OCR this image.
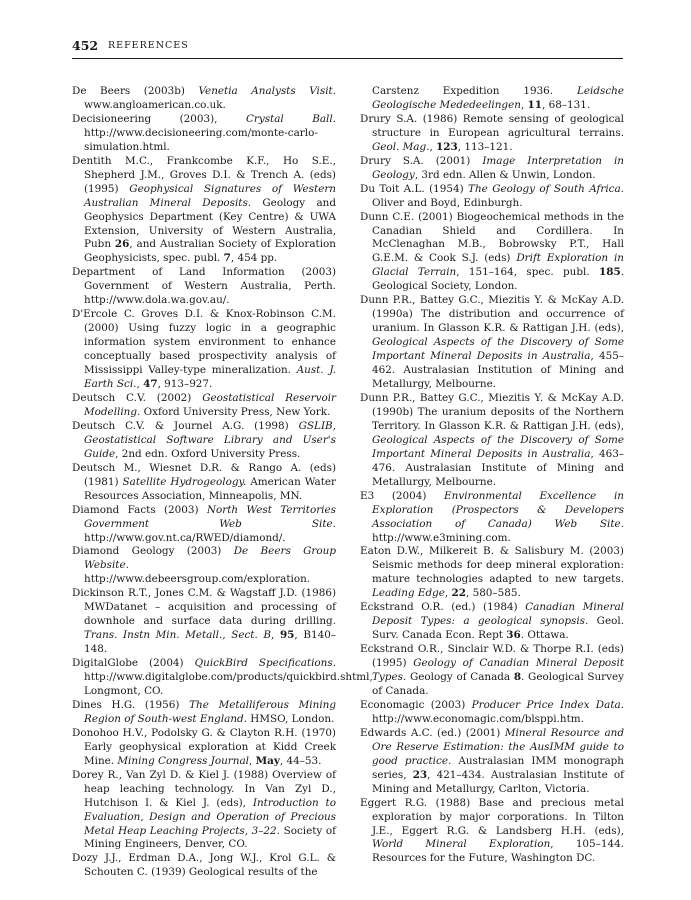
452 REFERENCES
De Beers (2003b) Venetia Analysts Visit. www.angloamerican.co.uk.
Decisioneering (2003), Crystal Ball. http://www.decisioneering.com/monte-carlo-simulation.html.
Dentith M.C., Frankcombe K.F., Ho S.E., Shepherd J.M., Groves D.I. & Trench A. (eds) (1995) Geophysical Signatures of Western Australian Mineral Deposits. Geology and Geophysics Department (Key Centre) & UWA Extension, University of Western Australia, Pubn 26, and Australian Society of Exploration Geophysicists, spec. publ. 7, 454 pp.
Department of Land Information (2003) Government of Western Australia, Perth. http://www.dola.wa.gov.au/.
D'Ercole C. Groves D.I. & Knox-Robinson C.M. (2000) Using fuzzy logic in a geographic information system environment to enhance conceptually based prospectivity analysis of Mississippi Valley-type mineralization. Aust. J. Earth Sci., 47, 913–927.
Deutsch C.V. (2002) Geostatistical Reservoir Modelling. Oxford University Press, New York.
Deutsch C.V. & Journel A.G. (1998) GSLIB, Geostatistical Software Library and User's Guide, 2nd edn. Oxford University Press.
Deutsch M., Wiesnet D.R. & Rango A. (eds) (1981) Satellite Hydrogeology. American Water Resources Association, Minneapolis, MN.
Diamond Facts (2003) North West Territories Government Web Site. http://www.gov.nt.ca/RWED/diamond/.
Diamond Geology (2003) De Beers Group Website. http://www.debeersgroup.com/exploration.
Dickinson R.T., Jones C.M. & Wagstaff J.D. (1986) MWDatanet – acquisition and processing of downhole and surface data during drilling. Trans. Instn Min. Metall., Sect. B, 95, B140–148.
DigitalGlobe (2004) QuickBird Specifications. http://www.digitalglobe.com/products/quickbird.shtml, Longmont, CO.
Dines H.G. (1956) The Metalliferous Mining Region of South-west England. HMSO, London.
Donohoo H.V., Podolsky G. & Clayton R.H. (1970) Early geophysical exploration at Kidd Creek Mine. Mining Congress Journal, May, 44–53.
Dorey R., Van Zyl D. & Kiel J. (1988) Overview of heap leaching technology. In Van Zyl D., Hutchison I. & Kiel J. (eds), Introduction to Evaluation, Design and Operation of Precious Metal Heap Leaching Projects, 3–22. Society of Mining Engineers, Denver, CO.
Dozy J.J., Erdman D.A., Jong W.J., Krol G.L. & Schouten C. (1939) Geological results of the
Carstenz Expedition 1936. Leidsche Geologische Mededeelingen, 11, 68–131.
Drury S.A. (1986) Remote sensing of geological structure in European agricultural terrains. Geol. Mag., 123, 113–121.
Drury S.A. (2001) Image Interpretation in Geology, 3rd edn. Allen & Unwin, London.
Du Toit A.L. (1954) The Geology of South Africa. Oliver and Boyd, Edinburgh.
Dunn C.E. (2001) Biogeochemical methods in the Canadian Shield and Cordillera. In McClenaghan M.B., Bobrowsky P.T., Hall G.E.M. & Cook S.J. (eds) Drift Exploration in Glacial Terrain, 151–164, spec. publ. 185. Geological Society, London.
Dunn P.R., Battey G.C., Miezitis Y. & McKay A.D. (1990a) The distribution and occurrence of uranium. In Glasson K.R. & Rattigan J.H. (eds), Geological Aspects of the Discovery of Some Important Mineral Deposits in Australia, 455–462. Australasian Institution of Mining and Metallurgy, Melbourne.
Dunn P.R., Battey G.C., Miezitis Y. & McKay A.D. (1990b) The uranium deposits of the Northern Territory. In Glasson K.R. & Rattigan J.H. (eds), Geological Aspects of the Discovery of Some Important Mineral Deposits in Australia, 463–476. Australasian Institute of Mining and Metallurgy, Melbourne.
E3 (2004) Environmental Excellence in Exploration (Prospectors & Developers Association of Canada) Web Site. http://www.e3mining.com.
Eaton D.W., Milkereit B. & Salisbury M. (2003) Seismic methods for deep mineral exploration: mature technologies adapted to new targets. Leading Edge, 22, 580–585.
Eckstrand O.R. (ed.) (1984) Canadian Mineral Deposit Types: a geological synopsis. Geol. Surv. Canada Econ. Rept 36. Ottawa.
Eckstrand O.R., Sinclair W.D. & Thorpe R.I. (eds) (1995) Geology of Canadian Mineral Deposit Types. Geology of Canada 8. Geological Survey of Canada.
Economagic (2003) Producer Price Index Data. http://www.economagic.com/blsppi.htm.
Edwards A.C. (ed.) (2001) Mineral Resource and Ore Reserve Estimation: the AusIMM guide to good practice. Australasian IMM monograph series, 23, 421–434. Australasian Institute of Mining and Metallurgy, Carlton, Victoria.
Eggert R.G. (1988) Base and precious metal exploration by major corporations. In Tilton J.E., Eggert R.G. & Landsberg H.H. (eds), World Mineral Exploration, 105–144. Resources for the Future, Washington DC.
